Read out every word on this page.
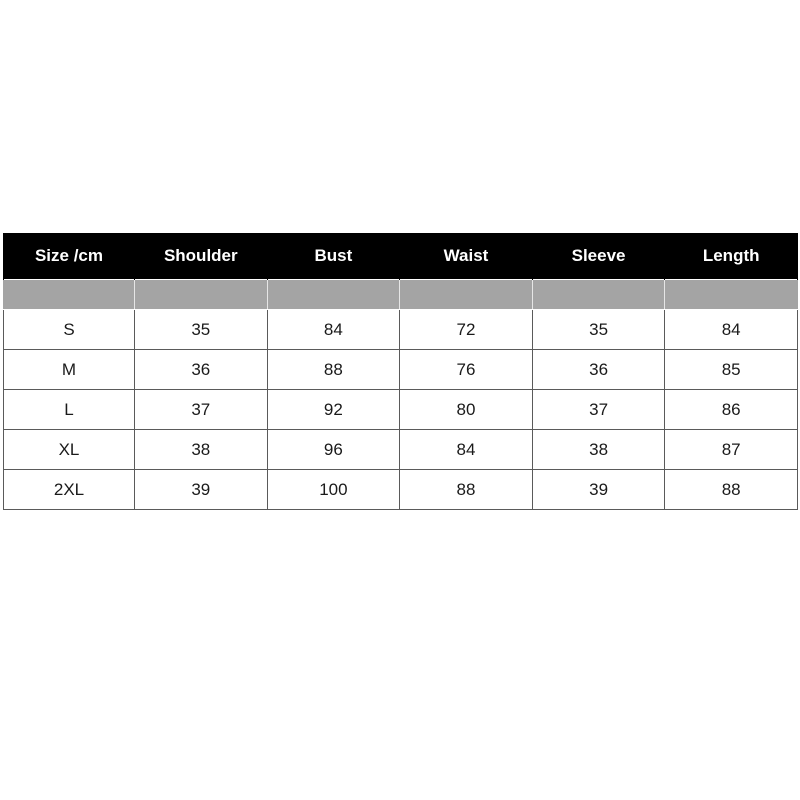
Size /cm	Shoulder	Bust	Waist	Sleeve	Length

S	35	84	72	35	84
M	36	88	76	36	85
L	37	92	80	37	86
XL	38	96	84	38	87
2XL	39	100	88	39	88
